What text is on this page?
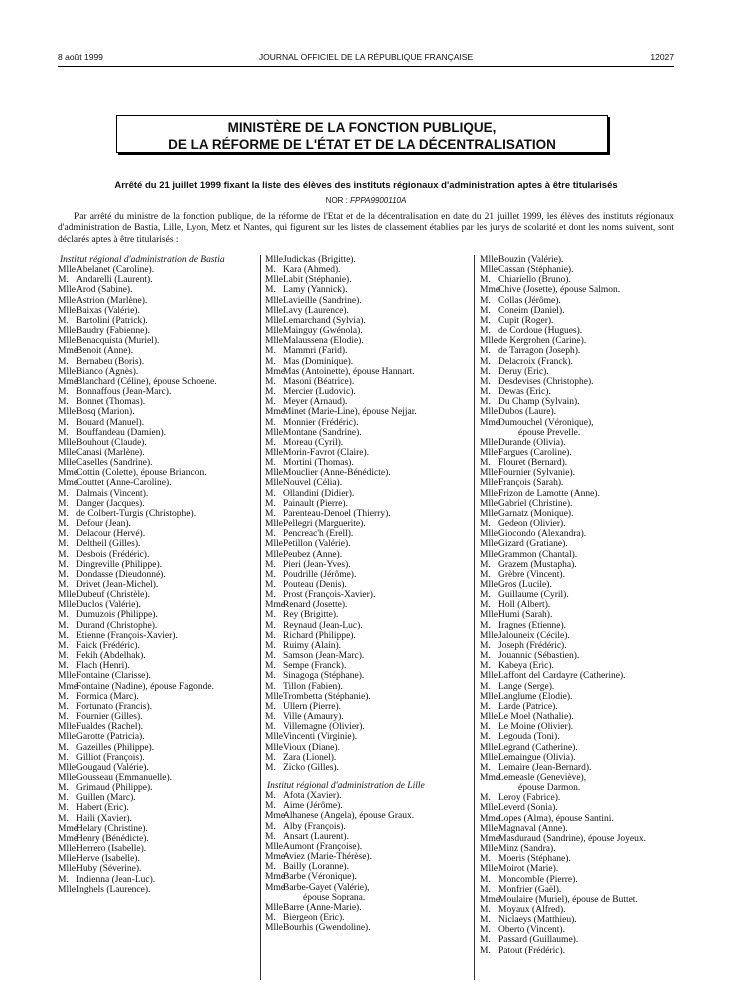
8 août 1999	JOURNAL OFFICIEL DE LA RÉPUBLIQUE FRANÇAISE	12027
MINISTÈRE DE LA FONCTION PUBLIQUE,
DE LA RÉFORME DE L'ÉTAT ET DE LA DÉCENTRALISATION
Arrêté du 21 juillet 1999 fixant la liste des élèves des instituts régionaux d'administration aptes à être titularisés
NOR : FPPA9900110A

Par arrêté du ministre de la fonction publique, de la réforme de l'Etat et de la décentralisation en date du 21 juillet 1999, les élèves des instituts régionaux d'administration de Bastia, Lille, Lyon, Metz et Nantes, qui figurent sur les listes de classement établies par les jurys de scolarité et dont les noms suivent, sont déclarés aptes à être titularisés :

Institut régional d'administration de Bastia
Mlle Abelanet (Caroline).
M. Andarelli (Laurent).
Mlle Arod (Sabine).
Mlle Astrion (Marlène).
Mlle Baixas (Valérie).
M. Bartolini (Patrick).
Mlle Baudry (Fabienne).
Mlle Benacquista (Muriel).
Mme
Benoit (Anne).
M. Bernabeu (Boris).
Mlle Bianco (Agnès).
Mme
Blanchard (Céline), épouse Schoene.
M. Bonnaffous (Jean-Marc).
M. Bonnet (Thomas).
Mlle Bosq (Marion).
M. Bouard (Manuel).
M. Bouffandeau (Damien).
Mlle Bouhout (Claude).
Mlle Canasi (Marlène).
Mlle Caselles (Sandrine).
Mme
Cottin (Colette), épouse Briancon.
Mme
Couttet (Anne-Caroline).
M. Dalmais (Vincent).
M. Danger (Jacques).
M. de Colbert-Turgis (Christophe).
M. Defour (Jean).
M. Delacour (Hervé).
M. Deltheil (Gilles).
M. Desbois (Frédéric).
M. Dingreville (Philippe).
M. Dondasse (Dieudonné).
M. Drivet (Jean-Michel).
Mlle Dubeuf (Christèle).
Mlle Duclos (Valérie).
M. Dumuzois (Philippe).
M. Durand (Christophe).
M. Etienne (François-Xavier).
M. Faick (Frédéric).
M. Fekih (Abdelhak).
M. Flach (Henri).
Mlle Fontaine (Clarisse).
Mme
Fontaine (Nadine), épouse Fagonde.
M. Formica (Marc).
M. Fortunato (Francis).
M. Fournier (Gilles).
Mlle Fualdes (Rachel).
Mlle Garotte (Patricia).
M. Gazeilles (Philippe).
M. Gilliot (François).
Mlle Gougaud (Valérie).
Mlle Gousseau (Emmanuelle).
M. Grimaud (Philippe).
M. Guillen (Marc).
M. Habert (Eric).
M. Haili (Xavier).
Mme
Helary (Christine).
Mme
Henry (Bénédicte).
Mlle Herrero (Isabelle).
Mlle Herve (Isabelle).
Mlle Huby (Séverine).
M. Indienna (Jean-Luc).
Mlle Inghels (Laurence).
Mlle Judickas (Brigitte).
M. Kara (Ahmed).
Mlle Labit (Stéphanie).
M. Lamy (Yannick).
Mlle Lavieille (Sandrine).
Mlle Lavy (Laurence).
Mlle Lemarchand (Sylvia).
Mlle Mainguy (Gwénola).
Mlle Malaussena (Elodie).
M. Mammri (Farid).
M. Mas (Dominique).
Mme
Mas (Antoinette), épouse Hannart.
M. Masoni (Béatrice).
M. Mercier (Ludovic).
M. Meyer (Arnaud).
Mme
Minet (Marie-Line), épouse Nejjar.
M. Monnier (Frédéric).
Mlle Montane (Sandrine).
M. Moreau (Cyril).
Mlle Morin-Favrot (Claire).
M. Mortini (Thomas).
Mlle Mouclier (Anne-Bénédicte).
Mlle Nouvel (Célia).
M. Ollandini (Didier).
M. Painault (Pierre).
M. Parenteau-Denoel (Thierry).
Mlle Pellegri (Marguerite).
M. Pencreac'h (Erell).
Mlle Petillon (Valérie).
Mlle Peubez (Anne).
M. Pieri (Jean-Yves).
M. Poudrille (Jérôme).
M. Pouteau (Denis).
M. Prost (François-Xavier).
Mme
Renard (Josette).
M. Rey (Brigitte).
M. Reynaud (Jean-Luc).
M. Richard (Philippe).
M. Ruimy (Alain).
M. Samson (Jean-Marc).
M. Sempe (Franck).
M. Sinagoga (Stéphane).
M. Tillon (Fabien).
Mlle Trombetta (Stéphanie).
M. Ullern (Pierre).
M. Ville (Amaury).
M. Villemagne (Olivier).
Mlle Vincenti (Virginie).
Mlle Vioux (Diane).
M. Zara (Lionel).
M. Zicko (Gilles).
Institut régional d'administration de Lille
M. Afota (Xavier).
M. Aime (Jérôme).
Mme
Alhanese (Angela), épouse Graux.
M. Alby (François).
M. Ansart (Laurent).
Mlle Aumont (Françoise).
Mme
Aviez (Marie-Thérèse).
M. Bailly (Loranne).
Mme
Barbe (Véronique).
Mme
Barbe-Gayet (Valérie),
épouse Soprana.
Mlle Barre (Anne-Marie).
M. Biergeon (Eric).
Mlle Bourhis (Gwendoline).
Mlle Bouzin (Valérie).
Mlle Cassan (Stéphanie).
M. Chiariello (Bruno).
Mme
Chive (Josette), épouse Salmon.
M. Collas (Jérôme).
M. Coneim (Daniel).
M. Cupit (Roger).
M. de Cordoue (Hugues).
Mlle de Kergrohen (Carine).
M. de Tarragon (Joseph).
M. Delacroix (Franck).
M. Deruy (Eric).
M. Desdevises (Christophe).
M. Dewas (Eric).
M. Du Champ (Sylvain).
Mlle Dubos (Laure).
Mme
Dumouchel (Véronique),
épouse Prevelle.
Mlle Durande (Olivia).
Mlle Fargues (Caroline).
M. Flouret (Bernard).
Mlle Fournier (Sylvanie).
Mlle François (Sarah).
Mlle Frizon de Lamotte (Anne).
Mlle Gabriel (Christine).
Mlle Garnatz (Monique).
M. Gedeon (Olivier).
Mlle Giocondo (Alexandra).
Mlle Gizard (Gratiane).
Mlle Grammon (Chantal).
M. Grazem (Mustapha).
M. Grèbre (Vincent).
Mlle Gros (Lucile).
M. Guillaume (Cyril).
M. Holl (Albert).
Mlle Humi (Sarah).
M. Iragnes (Etienne).
Mlle Jalouneix (Cécile).
M. Joseph (Frédéric).
M. Jouannic (Sébastien).
M. Kabeya (Eric).
Mlle Laffont del Cardayre (Catherine).
M. Lange (Serge).
Mlle Langlume (Elodie).
M. Larde (Patrice).
Mlle Le Moel (Nathalie).
M. Le Moine (Olivier).
M. Legouda (Toni).
Mlle Legrand (Catherine).
Mlle Lemaingue (Olivia).
M. Lemaire (Jean-Bernard).
Mme
Lemeasle (Geneviève),
épouse Darmon.
M. Leroy (Fabrice).
Mlle Leverd (Sonia).
Mme
Lopes (Alma), épouse Santini.
Mlle Magnaval (Anne).
Mme
Masduraud (Sandrine), épouse Joyeux.
Mlle Minz (Sandra).
M. Moeris (Stéphane).
Mlle Moirot (Marie).
M. Moncomble (Pierre).
M. Monfrier (Gaël).
Mme
Moulaire (Muriel), épouse de Buttet.
M. Moyaux (Alfred).
M. Niclaeys (Matthieu).
M. Oberto (Vincent).
M. Passard (Guillaume).
M. Patout (Frédéric).
